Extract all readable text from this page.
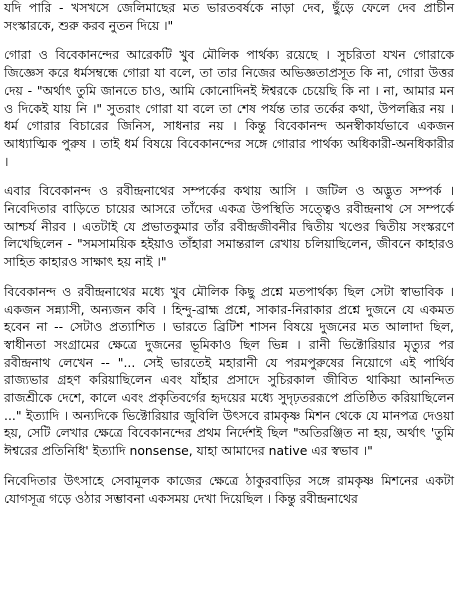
যদি পারি - খসখসে জেলিমাছের মত ভারতবর্ষকে নাড়া দেব, ছুঁড়ে ফেলে দেব প্রাচীন সংস্কারকে, শুরু করব নুতন দিয়ে ।"

গোরা ও বিবেকানন্দের আরেকটি খুব মৌলিক পার্থক্য রয়েছে । সুচরিতা যখন গোরাকে জিজ্ঞেস করে ধর্মসম্বন্ধে গোরা যা বলে, তা তার নিজের অভিজ্ঞতাপ্রসূত কি না, গোরা উত্তর দেয় - "অর্থাৎ তুমি জানতে চাও, আমি কোনোদিনই ঈশ্বরকে চেয়েছি কি না । না, আমার মন ও দিকেই যায় নি ।" সুতরাং গোরা যা বলে তা শেষ পর্যন্ত তার তর্কের কথা, উপলব্ধির নয় । ধর্ম গোরার বিচারের জিনিস, সাধনার নয় । কিন্তু বিবেকানন্দ অনস্বীকার্যভাবে একজন আধ্যাত্মিক পুরুষ । তাই ধর্ম বিষয়ে বিবেকানন্দের সঙ্গে গোরার পার্থক্য অধিকারী-অনধিকারীর ।

এবার বিবেকানন্দ ও রবীন্দ্রনাথের সম্পর্কের কথায় আসি । জটিল ও অদ্ভুত সম্পর্ক । নিবেদিতার বাড়িতে চায়ের আসরে তাঁদের একত্র উপস্থিতি সত্ত্বেও রবীন্দ্রনাথ সে সম্পর্কে আশ্চর্য নীরব । এতটাই যে প্রভাতকুমার তাঁর রবীন্দ্রজীবনীর দ্বিতীয় খণ্ডের দ্বিতীয় সংস্করণে লিখেছিলেন - "সমসাময়িক হইয়াও তাঁহারা সমান্তরাল রেখায় চলিয়াছিলেন, জীবনে কাহারও সাহিত কাহারও সাক্ষাৎ হয় নাই ।"

বিবেকানন্দ ও রবীন্দ্রনাথের মধ্যে খুব মৌলিক কিছু প্রশ্নে মতপার্থক্য ছিল সেটা স্বাভাবিক । একজন সন্ন্যাসী, অন্যজন কবি । হিন্দু-ব্রাহ্ম প্রশ্নে, সাকার-নিরাকার প্রশ্নে দুজনে যে একমত হবেন না -- সেটাও প্রত্যাশিত । ভারতে ব্রিটিশ শাসন বিষয়ে দুজনের মত আলাদা ছিল, স্বাধীনতা সংগ্রামের ক্ষেত্রে দুজনের ভূমিকাও ছিল ভিন্ন । রানী ভিক্টোরিয়ার মৃত্যুর পর রবীন্দ্রনাথ লেখেন -- "... সেই ভারতেই মহারানী যে পরমপুরুষের নিয়োগে এই পার্থিব রাজ্যভার গ্রহণ করিয়াছিলেন এবং যাঁহার প্রসাদে সুচিরকাল জীবিত থাকিয়া আনন্দিত রাজশ্রীকে দেশে, কালে এবং প্রকৃতিবর্গের হৃদয়ের মধ্যে সুদৃঢ়তররূপে প্রতিষ্ঠিত করিয়াছিলেন ..." ইত্যাদি । অন্যদিকে ভিক্টোরিয়ার জুবিলি উৎসবে রামকৃষ্ণ মিশন থেকে যে মানপত্র দেওয়া হয়, সেটি লেখার ক্ষেত্রে বিবেকানন্দের প্রথম নির্দেশই ছিল "অতিরঞ্জিত না হয়, অর্থাৎ 'তুমি ঈশ্বরের প্রতিনিধি' ইত্যাদি nonsense, যাহা আমাদের native এর স্বভাব ।"

নিবেদিতার উৎসাহে সেবামূলক কাজের ক্ষেত্রে ঠাকুরবাড়ির সঙ্গে রামকৃষ্ণ মিশনের একটা যোগসূত্র গড়ে ওঠার সম্ভাবনা একসময় দেখা দিয়েছিল । কিন্তু রবীন্দ্রনাথের
